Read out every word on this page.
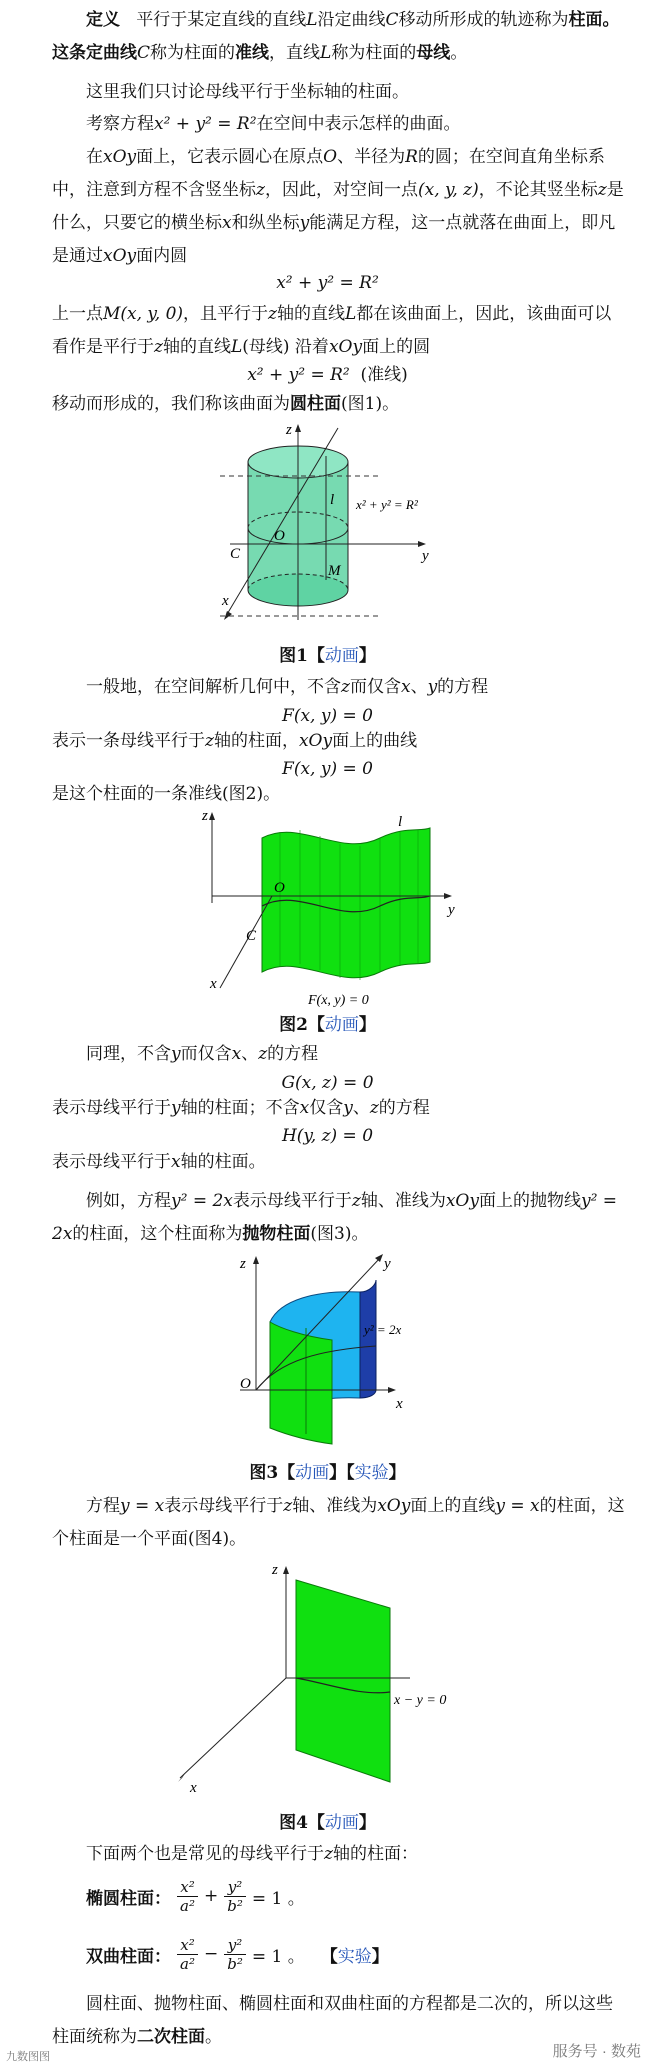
定义 平行于某定直线的直线L沿定曲线C移动所形成的轨迹称为柱面。这条定曲线C称为柱面的准线，直线L称为柱面的母线。
这里我们只讨论母线平行于坐标轴的柱面。
考察方程x² + y² = R²在空间中表示怎样的曲面。
在xOy面上，它表示圆心在原点O、半径为R的圆；在空间直角坐标系中，注意到方程不含竖坐标z，因此，对空间一点(x, y, z)，不论其竖坐标z是什么，只要它的横坐标x和纵坐标y能满足方程，这一点就落在曲面上，即凡是通过xOy面内圆
x² + y² = R²
上一点M(x, y, 0)，且平行于z轴的直线L都在该曲面上，因此，该曲面可以看作是平行于z轴的直线L(母线) 沿着xOy面上的圆
x² + y² = R² (准线)
移动而形成的，我们称该曲面为圆柱面(图1)。
z
O
C
M
l
y
x
x² + y² = R²
图1【动画】
一般地，在空间解析几何中，不含z而仅含x、y的方程
F(x, y) = 0
表示一条母线平行于z轴的柱面，xOy面上的曲线
F(x, y) = 0
是这个柱面的一条准线(图2)。
z
O
C
l
y
x
F(x, y) = 0
图2【动画】
同理，不含y而仅含x、z的方程
G(x, z) = 0
表示母线平行于y轴的柱面；不含x仅含y、z的方程
H(y, z) = 0
表示母线平行于x轴的柱面。
例如，方程y² = 2x表示母线平行于z轴、准线为xOy面上的抛物线y² = 2x的柱面，这个柱面称为抛物柱面(图3)。
z	y
O
x
y² = 2x
图3【动画】【实验】
方程y = x表示母线平行于z轴、准线为xOy面上的直线y = x的柱面，这个柱面是一个平面(图4)。
z
x − y = 0
x
图4【动画】
下面两个也是常见的母线平行于z轴的柱面：
椭圆柱面： $\frac{\text{x²}}{\text{a²}} + \frac{\text{y²}}{\text{b²}} = 1$ 。
双曲柱面： $\frac{\text{x²}}{\text{a²}} - \frac{\text{y²}}{\text{b²}} = 1$ 。 【实验】
圆柱面、抛物柱面、椭圆柱面和双曲柱面的方程都是二次的，所以这些柱面统称为二次柱面。
九数图图	服务号 · 数苑
